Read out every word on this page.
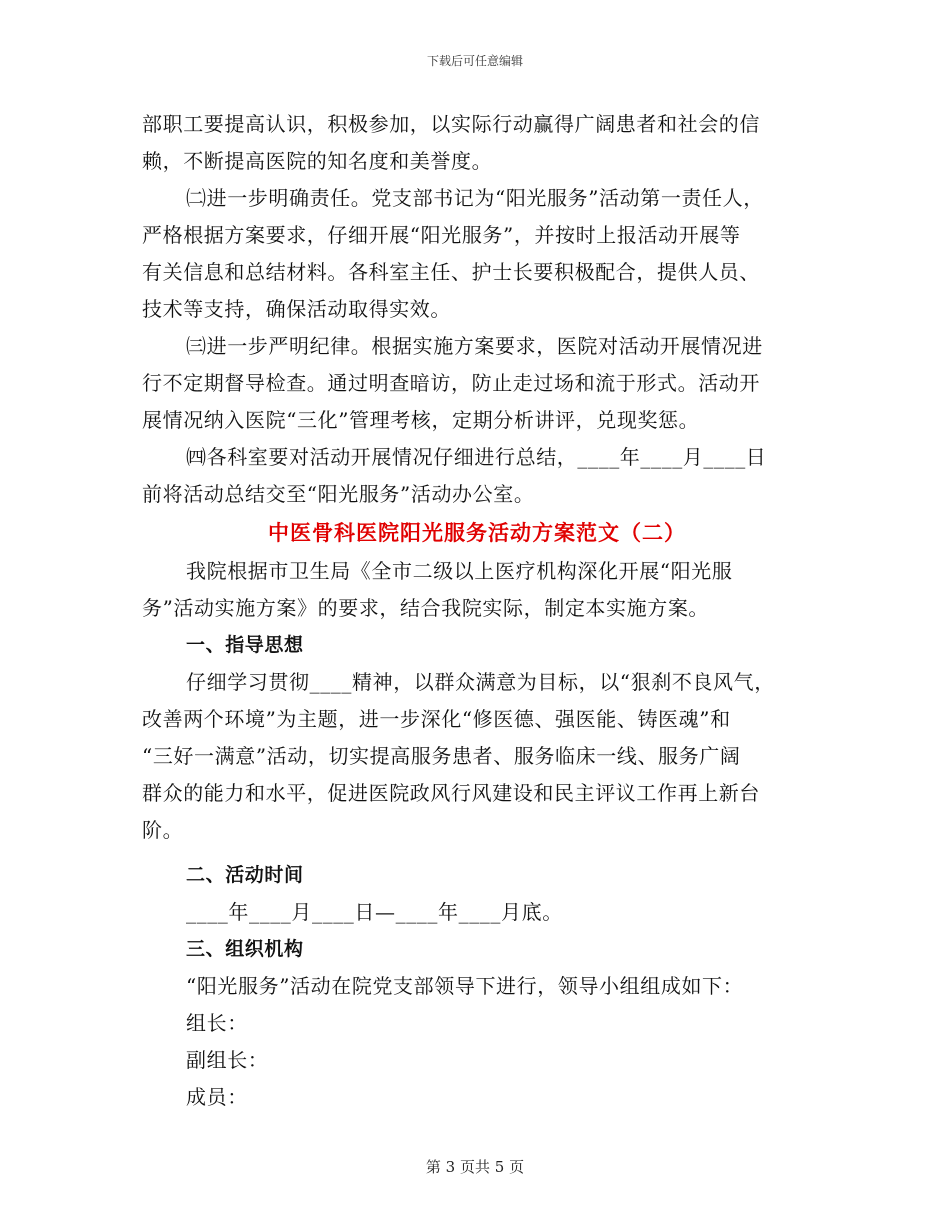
下载后可任意编辑
部职工要提高认识，积极参加，以实际行动赢得广阔患者和社会的信
赖，不断提高医院的知名度和美誉度。
㈡进一步明确责任。党支部书记为“阳光服务”活动第一责任人，
严格根据方案要求，仔细开展“阳光服务”，并按时上报活动开展等
有关信息和总结材料。各科室主任、护士长要积极配合，提供人员、
技术等支持，确保活动取得实效。
㈢进一步严明纪律。根据实施方案要求，医院对活动开展情况进
行不定期督导检查。通过明查暗访，防止走过场和流于形式。活动开
展情况纳入医院“三化”管理考核，定期分析讲评，兑现奖惩。
㈣各科室要对活动开展情况仔细进行总结，____年____月____日
前将活动总结交至“阳光服务”活动办公室。
中医骨科医院阳光服务活动方案范文（二）
我院根据市卫生局《全市二级以上医疗机构深化开展“阳光服
务”活动实施方案》的要求，结合我院实际，制定本实施方案。
一、指导思想
仔细学习贯彻____精神，以群众满意为目标，以“狠刹不良风气，
改善两个环境”为主题，进一步深化“修医德、强医能、铸医魂”和
“三好一满意”活动，切实提高服务患者、服务临床一线、服务广阔
群众的能力和水平，促进医院政风行风建设和民主评议工作再上新台
阶。
二、活动时间
____年____月____日—____年____月底。
三、组织机构
“阳光服务”活动在院党支部领导下进行，领导小组组成如下：
组长：
副组长：
成员：
第 3 页共 5 页
